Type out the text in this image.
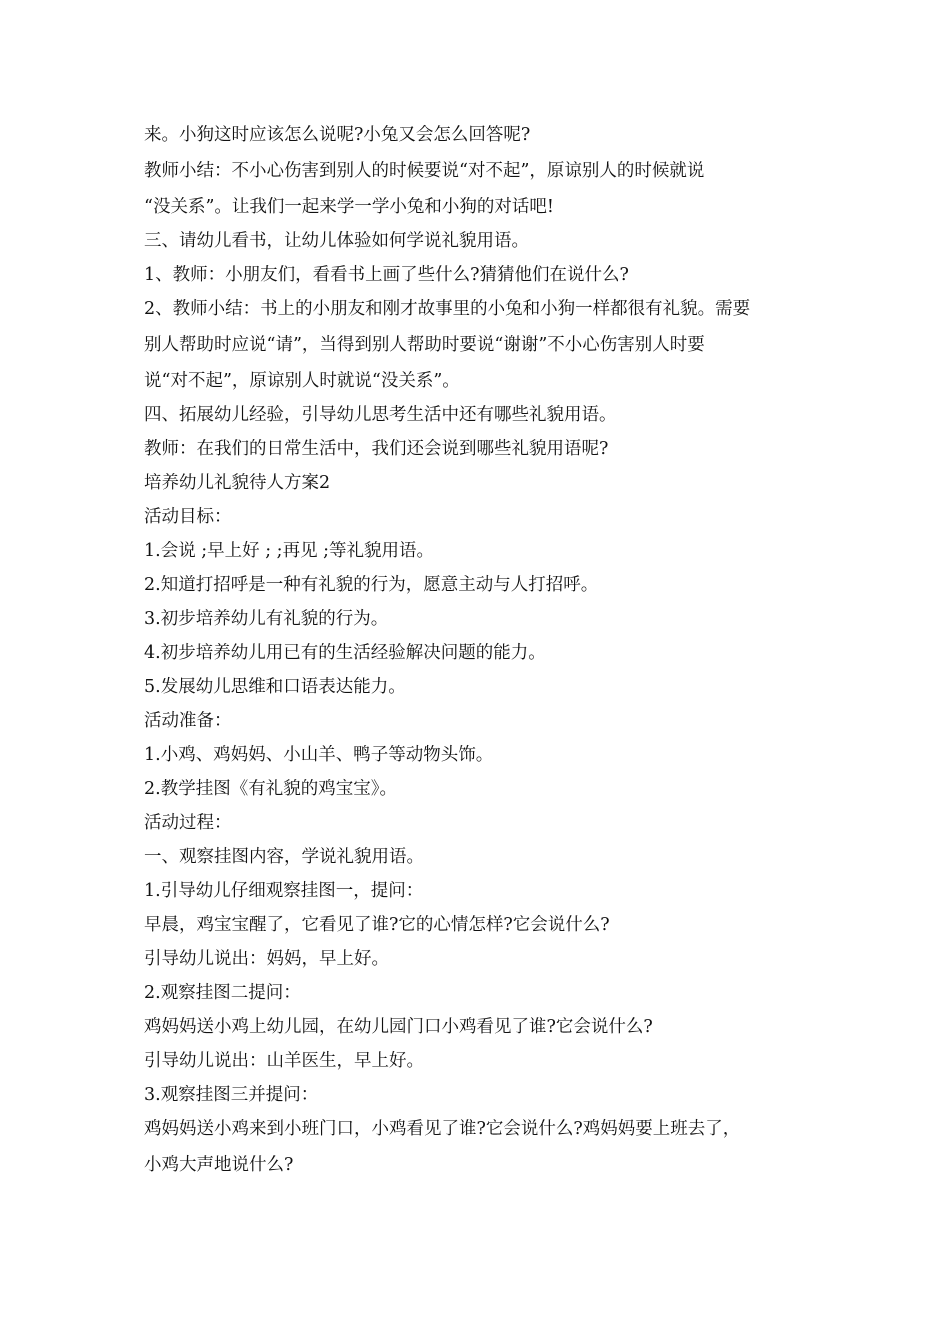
来。小狗这时应该怎么说呢?小兔又会怎么回答呢?

教师小结：不小心伤害到别人的时候要说“对不起”，原谅别人的时候就说

“没关系”。让我们一起来学一学小兔和小狗的对话吧!

三、请幼儿看书，让幼儿体验如何学说礼貌用语。

1、教师：小朋友们，看看书上画了些什么?猜猜他们在说什么?

2、教师小结：书上的小朋友和刚才故事里的小兔和小狗一样都很有礼貌。需要

别人帮助时应说“请”，当得到别人帮助时要说“谢谢”不小心伤害别人时要

说“对不起”，原谅别人时就说“没关系”。

四、拓展幼儿经验，引导幼儿思考生活中还有哪些礼貌用语。

教师：在我们的日常生活中，我们还会说到哪些礼貌用语呢?

培养幼儿礼貌待人方案2

活动目标：

1.会说 ;早上好 ; ;再见 ;等礼貌用语。

2.知道打招呼是一种有礼貌的行为，愿意主动与人打招呼。

3.初步培养幼儿有礼貌的行为。

4.初步培养幼儿用已有的生活经验解决问题的能力。

5.发展幼儿思维和口语表达能力。

活动准备：

1.小鸡、鸡妈妈、小山羊、鸭子等动物头饰。

2.教学挂图《有礼貌的鸡宝宝》。

活动过程：

一、观察挂图内容，学说礼貌用语。

1.引导幼儿仔细观察挂图一，提问：

早晨，鸡宝宝醒了，它看见了谁?它的心情怎样?它会说什么?

引导幼儿说出：妈妈，早上好。

2.观察挂图二提问：

鸡妈妈送小鸡上幼儿园，在幼儿园门口小鸡看见了谁?它会说什么?

引导幼儿说出：山羊医生，早上好。

3.观察挂图三并提问：

鸡妈妈送小鸡来到小班门口，小鸡看见了谁?它会说什么?鸡妈妈要上班去了，

小鸡大声地说什么?
